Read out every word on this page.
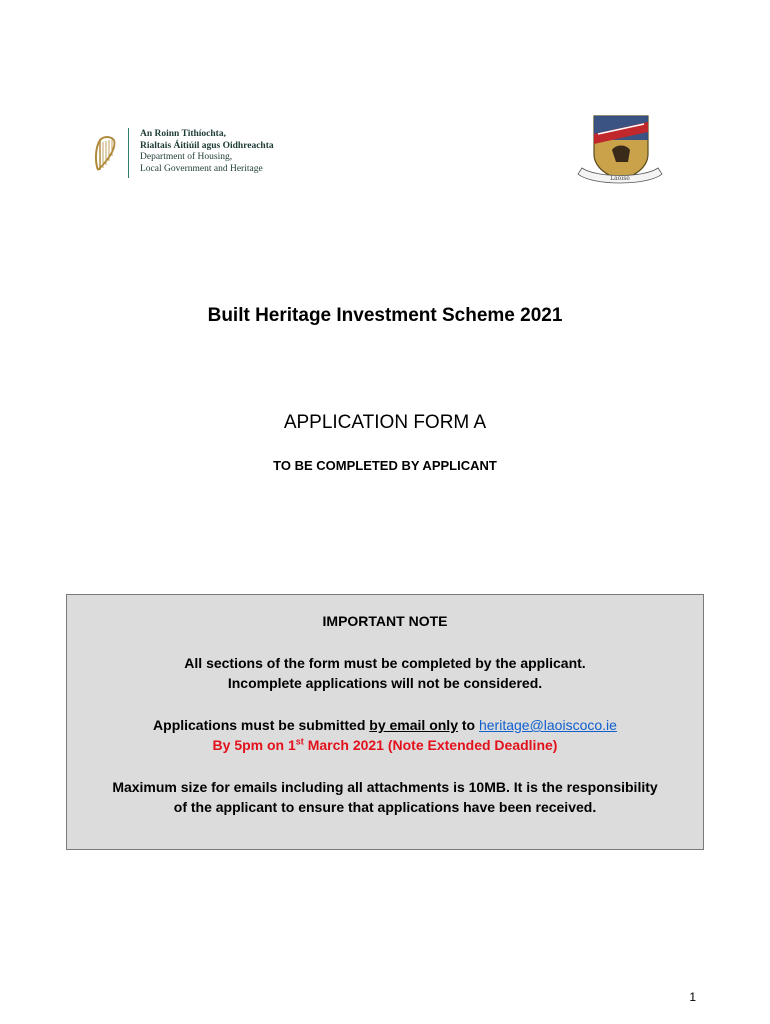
An Roinn Tithíochta,
Rialtais Áitiúil agus Oidhreachta
Department of Housing,
Local Government and Heritage
Laoise
Built Heritage Investment Scheme 2021
APPLICATION FORM A
TO BE COMPLETED BY APPLICANT
IMPORTANT NOTE
All sections of the form must be completed by the applicant.
Incomplete applications will not be considered.
Applications must be submitted by email only to heritage@laoiscoco.ie
By 5pm on 1st March 2021 (Note Extended Deadline)
Maximum size for emails including all attachments is 10MB. It is the responsibility
of the applicant to ensure that applications have been received.
1
